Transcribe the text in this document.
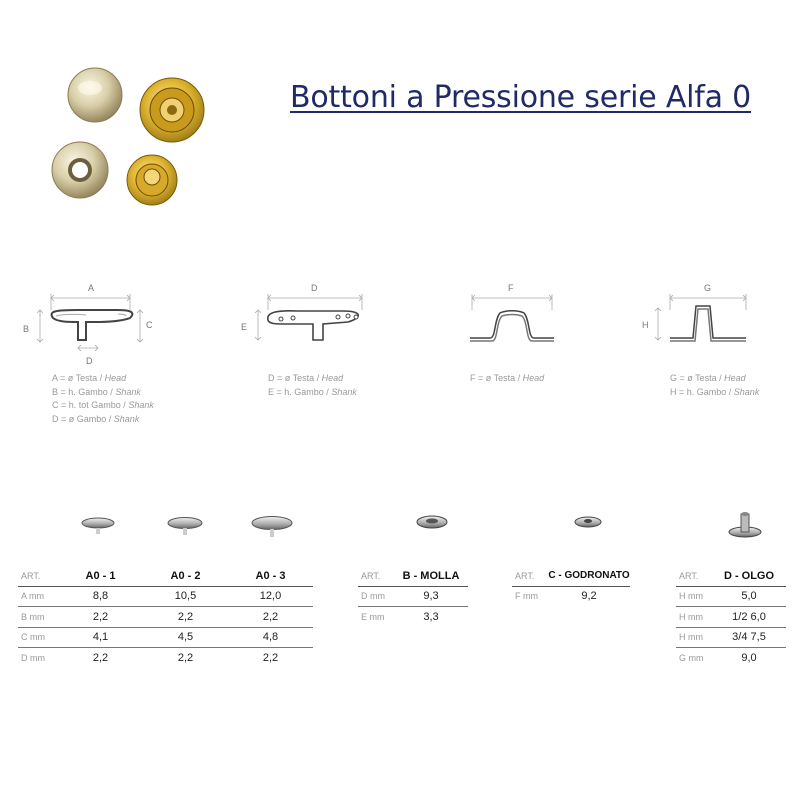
Bottoni a Pressione serie Alfa 0
A
B	C
D
A = ø Testa / Head
B = h. Gambo / Shank
C = h. tot Gambo / Shank
D = ø Gambo / Shank
D
E
D = ø Testa / Head
E = h. Gambo / Shank
F
F = ø Testa / Head
G
H
G = ø Testa / Head
H = h. Gambo / Shank
ART.	A0 - 1	A0 - 2	A0 - 3
A mm	8,8	10,5	12,0
B mm	2,2	2,2	2,2
C mm	4,1	4,5	4,8
D mm	2,2	2,2	2,2
ART.	B - MOLLA
D mm	9,3
E mm	3,3
ART.	C - GODRONATO
F mm	9,2
ART.	D - OLGO
H mm	5,0
H mm	1/2 6,0
H mm	3/4 7,5
G mm	9,0
